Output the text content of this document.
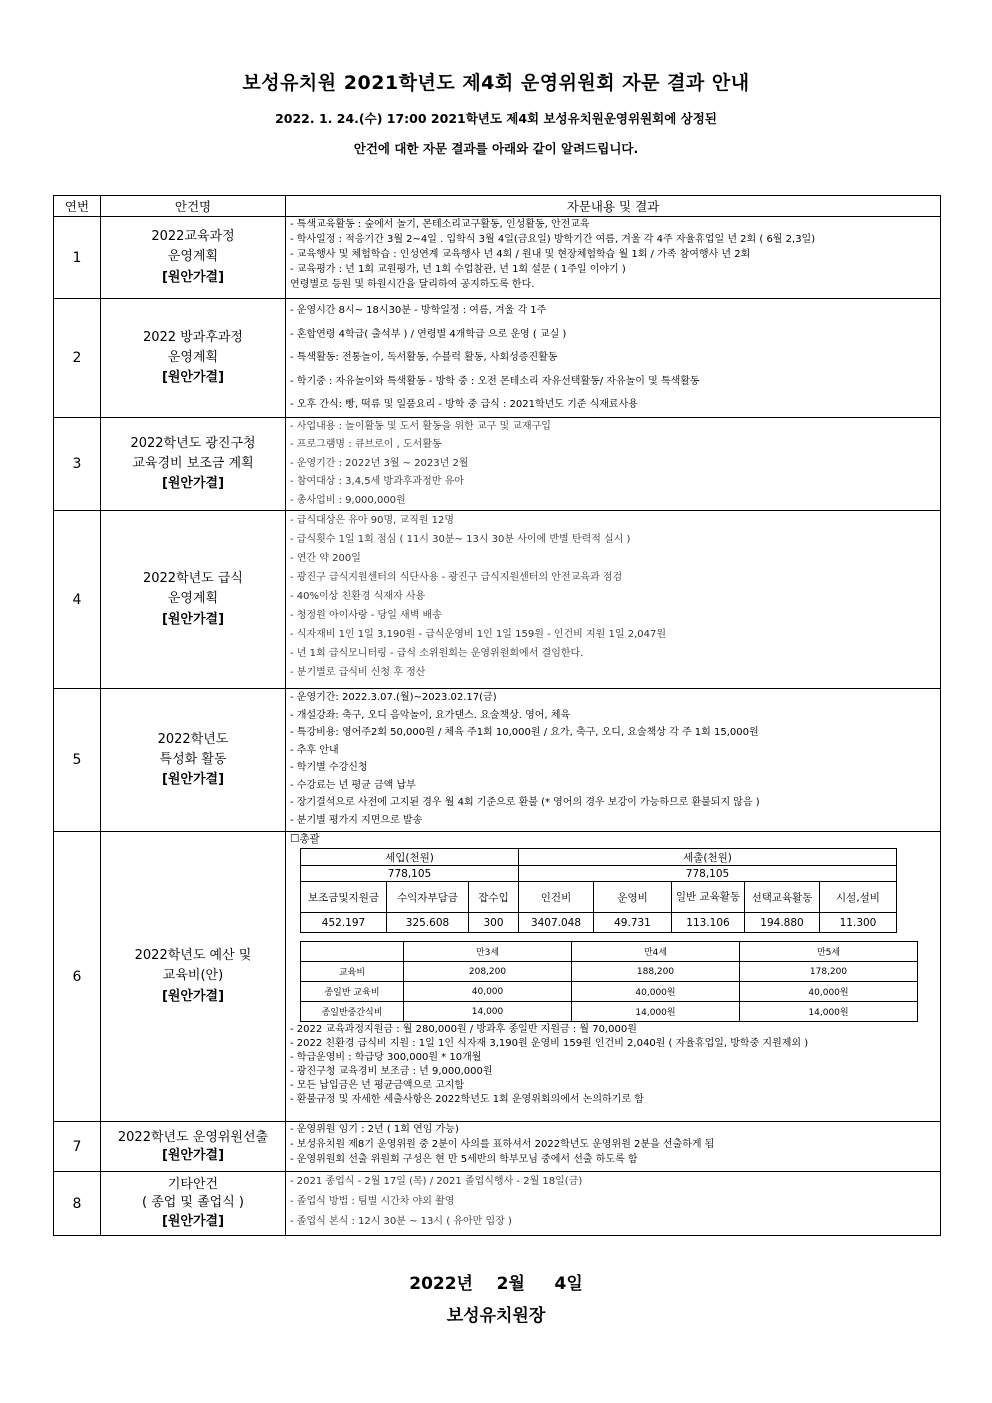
보성유치원 2021학년도 제4회 운영위원회 자문 결과 안내
2022. 1. 24.(수) 17:00 2021학년도 제4회 보성유치원운영위원회에 상정된
안건에 대한 자문 결과를 아래와 같이 알려드립니다.
연번	안건명	자문내용 및 결과
1	
2022교육과정
운영계획
[원안가결]

- 특색교육활동 : 숲에서 놀기, 몬테소리교구활동, 인성활동, 안전교육
- 학사일정 : 적응기간 3월 2~4일 . 입학식 3월 4일(금요일) 방학기간 여름, 겨울 각 4주 자율휴업일 년 2회 ( 6월 2,3일)
- 교육행사 및 체험학습 : 인성연계 교육행사 년 4회 / 원내 및 현장체험학습 월 1회 / 가족 참여행사 년 2회
- 교육평가 : 년 1회 교원평가, 년 1회 수업참관, 년 1회 설문 ( 1주일 이야기 )
연령별로 등원 및 하원시간을 달리하여 공지하도록 한다.

2	
2022 방과후과정
운영계획
[원안가결]

- 운영시간 8시~ 18시30분 - 방학일정 : 여름, 겨울 각 1주
- 혼합연령 4학급( 출석부 ) / 연령별 4개학급 으로 운영 ( 교실 )
- 특색활동: 전통놀이, 독서활동, 수블럭 활동, 사회성증진활동
- 학기중 : 자유놀이와 특색활동 - 방학 중 : 오전 몬테소리 자유선택활동/ 자유놀이 및 특색활동
- 오후 간식: 빵, 떡류 및 일품요리 - 방학 중 급식 : 2021학년도 기준 식재료사용

3	
2022학년도 광진구청
교육경비 보조금 계획
[원안가결]

- 사업내용 : 놀이활동 및 도서 활동을 위한 교구 및 교재구입
- 프로그램명 : 큐브로이 , 도서활동
- 운영기간 : 2022년 3월 ~ 2023년 2월
- 참여대상 : 3,4,5세 방과후과정반 유아
- 총사업비 : 9,000,000원

4	
2022학년도 급식
운영계획
[원안가결]

- 급식대상은 유아 90명, 교직원 12명
- 급식횟수 1일 1회 점심 ( 11시 30분~ 13시 30분 사이에 반별 탄력적 실시 )
- 연간 약 200일
- 광진구 급식지원센터의 식단사용 - 광진구 급식지원센터의 안전교육과 점검
- 40%이상 친환경 식재자 사용
- 청정원 아이사랑 - 당일 새벽 배송
- 식자재비 1인 1일 3,190원 - 급식운영비 1인 1일 159원 - 인건비 지원 1일 2,047원
- 년 1회 급식모니터링 - 급식 소위원회는 운영위원회에서 결임한다.
- 분기별로 급식비 신청 후 정산

5	
2022학년도
특성화 활동
[원안가결]

- 운영기간: 2022.3.07.(월)~2023.02.17(금)
- 개설강좌: 축구, 오디 음악놀이, 요가댄스. 요술책상. 영어, 체육
- 특강비용: 영어주2회 50,000원 / 체육 주1회 10,000원 / 요가, 축구, 오디, 요술책상 각 주 1회 15,000원
- 추후 안내
- 학기별 수강신청
- 수강료는 년 평균 금액 납부
- 장기결석으로 사전에 고지된 경우 월 4회 기준으로 환불 (* 영어의 경우 보강이 가능하므로 환불되지 않음 )
- 분기별 평가지 지면으로 발송

6	
2022학년도 예산 및
교육비(안)
[원안가결]

☐총괄
세입(천원)	세출(천원)
778,105	778,105
보조금및지원금	수익자부담금	잡수입	인건비	운영비	일반 교육활동	선택교육활동	시설,설비
452.197	325.608	300	3407.048	49.731	113.106	194.880	11.300
	만3세	만4세	만5세
교육비	208,200	188,200	178,200
종일반 교육비	40,000	40,000원	40,000원
종일반중간식비	14,000	14,000원	14,000원
- 2022 교육과정지원금 : 월 280,000원 / 방과후 종일반 지원금 : 월 70,000원
- 2022 친환경 급식비 지원 : 1일 1인 식자재 3,190원 운영비 159원 인건비 2,040원 ( 자율휴업일, 방학중 지원제외 )
- 학급운영비 : 학급당 300,000원 * 10개월
- 광진구청 교육경비 보조금 : 년 9,000,000원
- 모든 납입금은 년 평균금액으로 고지함
- 환불규정 및 자세한 세출사항은 2022학년도 1회 운영위회의에서 논의하기로 함

7	
2022학년도 운영위원선출
[원안가결]

- 운영위원 임기 : 2년 ( 1회 연임 가능)
- 보성유치원 제8기 운영위원 중 2분이 사의를 표하셔서 2022학년도 운영위원 2분을 선출하게 됨
- 운영위원회 선출 위원회 구성은 현 만 5세반의 학부모님 중에서 선출 하도록 함

8	
기타안건
( 종업 및 졸업식 )
[원안가결]

- 2021 종업식 - 2월 17일 (목) / 2021 졸업식행사 - 2월 18일(금)
- 졸업식 방법 : 팀별 시간차 야외 촬영
- 졸업식 본식 : 12시 30분 ~ 13시 ( 유아만 입장 )
2022년    2월     4일
보성유치원장
